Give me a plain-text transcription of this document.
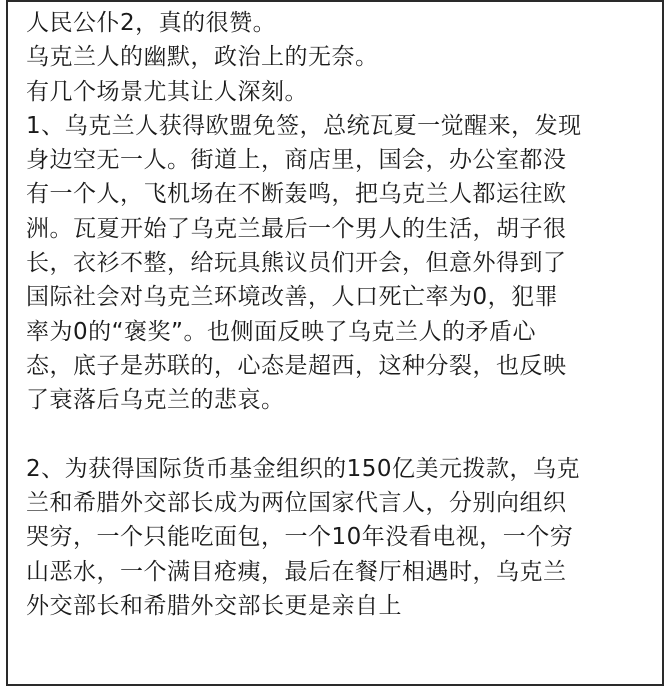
人民公仆2，真的很赞。
乌克兰人的幽默，政治上的无奈。
有几个场景尤其让人深刻。
1、乌克兰人获得欧盟免签，总统瓦夏一觉醒来，发现
身边空无一人。街道上，商店里，国会，办公室都没
有一个人，飞机场在不断轰鸣，把乌克兰人都运往欧
洲。瓦夏开始了乌克兰最后一个男人的生活，胡子很
长，衣衫不整，给玩具熊议员们开会，但意外得到了
国际社会对乌克兰环境改善，人口死亡率为0，犯罪
率为0的“褒奖”。也侧面反映了乌克兰人的矛盾心
态，底子是苏联的，心态是超西，这种分裂，也反映
了衰落后乌克兰的悲哀。
2、为获得国际货币基金组织的150亿美元拨款，乌克
兰和希腊外交部长成为两位国家代言人，分别向组织
哭穷，一个只能吃面包，一个10年没看电视，一个穷
山恶水，一个满目疮痍，最后在餐厅相遇时，乌克兰
外交部长和希腊外交部长更是亲自上
